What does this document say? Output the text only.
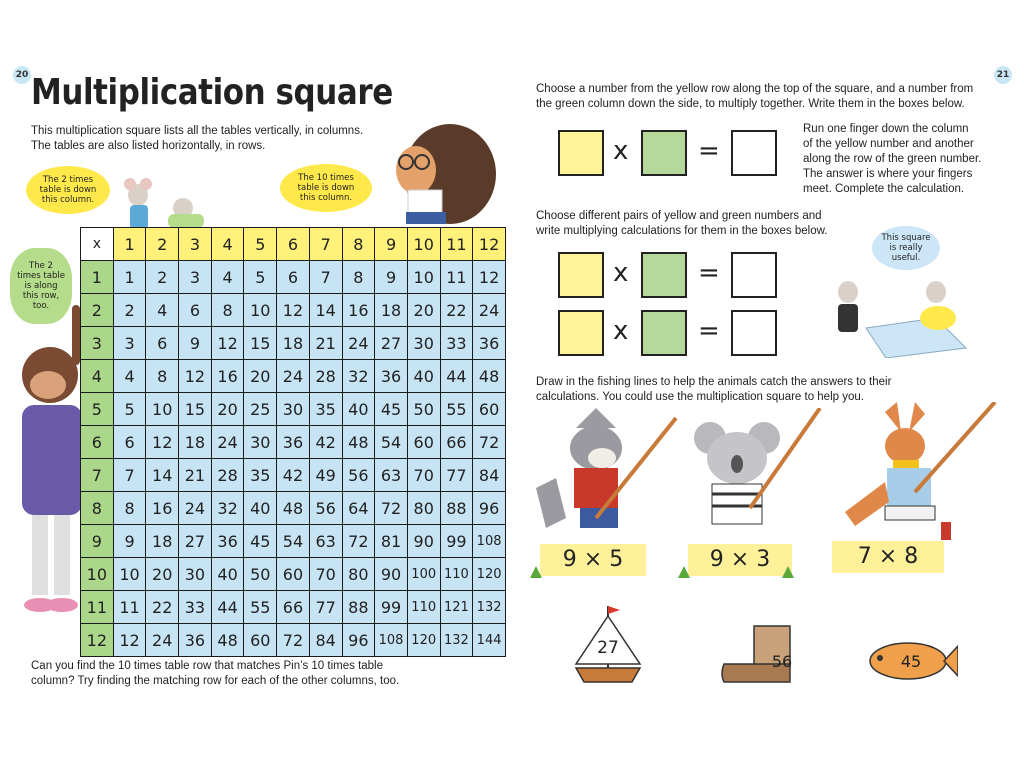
20	21
Multiplication square
This multiplication square lists all the tables vertically, in columns.
The tables are also listed horizontally, in rows.
The 2 times
table is down
this column.
The 10 times
table is down
this column.
The 2
times table
is along
this row,
too.
x	1	2	3	4	5	6	7	8	9	10	11	12
1	1	2	3	4	5	6	7	8	9	10	11	12
2	2	4	6	8	10	12	14	16	18	20	22	24
3	3	6	9	12	15	18	21	24	27	30	33	36
4	4	8	12	16	20	24	28	32	36	40	44	48
5	5	10	15	20	25	30	35	40	45	50	55	60
6	6	12	18	24	30	36	42	48	54	60	66	72
7	7	14	21	28	35	42	49	56	63	70	77	84
8	8	16	24	32	40	48	56	64	72	80	88	96
9	9	18	27	36	45	54	63	72	81	90	99	108
10	10	20	30	40	50	60	70	80	90	100	110	120
11	11	22	33	44	55	66	77	88	99	110	121	132
12	12	24	36	48	60	72	84	96	108	120	132	144
Can you find the 10 times table row that matches Pin’s 10 times table
column? Try finding the matching row for each of the other columns, too.
Choose a number from the yellow row along the top of the square, and a number from
the green column down the side, to multiply together. Write them in the boxes below.
x	=
Run one finger down the column
of the yellow number and another
along the row of the green number.
The answer is where your fingers
meet. Complete the calculation.
Choose different pairs of yellow and green numbers and
write multiplying calculations for them in the boxes below.
This square
is really
useful.
x	=
x	=
Draw in the fishing lines to help the animals catch the answers to their
calculations. You could use the multiplication square to help you.
9 × 5	9 × 3	7 × 8
27
56	45
